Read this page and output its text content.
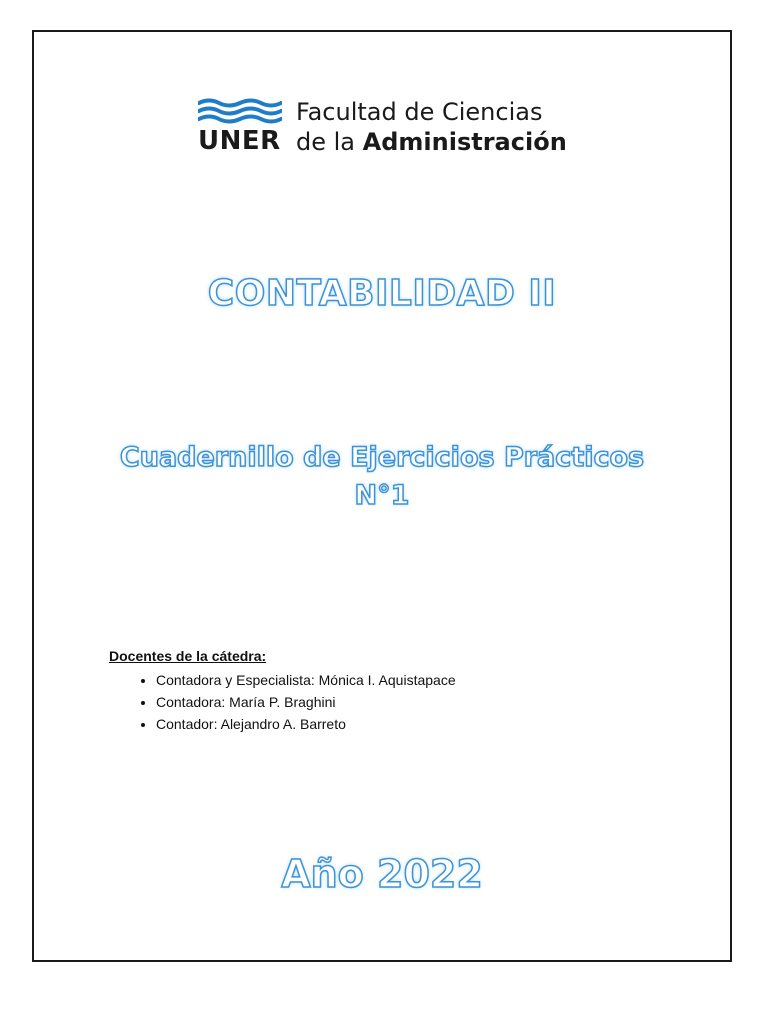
UNER
Facultad de Ciencias
de la Administración
CONTABILIDAD II
Cuadernillo de Ejercicios Prácticos
N°1
Docentes de la cátedra:
• Contadora y Especialista: Mónica I. Aquistapace
• Contadora: María P. Braghini
• Contador: Alejandro A. Barreto
Año 2022
